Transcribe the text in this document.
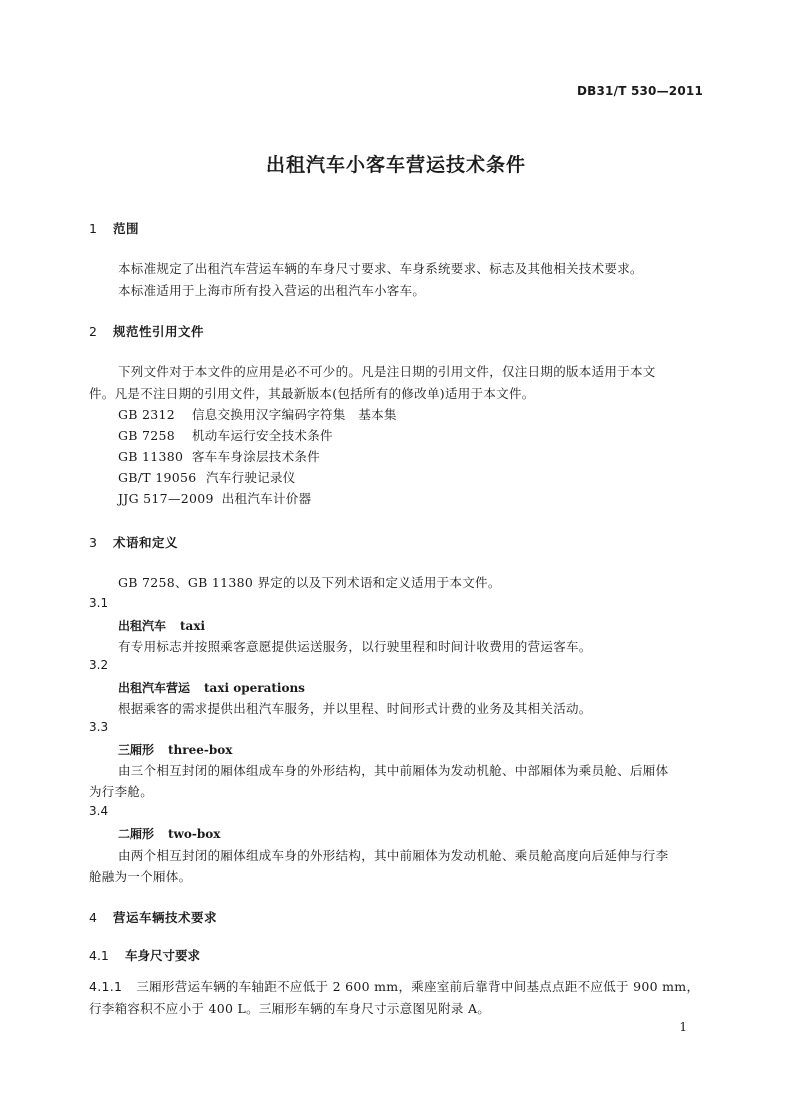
DB31/T 530—2011
出租汽车小客车营运技术条件
1 范围
本标准规定了出租汽车营运车辆的车身尺寸要求、车身系统要求、标志及其他相关技术要求。
本标准适用于上海市所有投入营运的出租汽车小客车。
2 规范性引用文件
下列文件对于本文件的应用是必不可少的。凡是注日期的引用文件，仅注日期的版本适用于本文
件。凡是不注日期的引用文件，其最新版本(包括所有的修改单)适用于本文件。
GB 2312 信息交换用汉字编码字符集　基本集
GB 7258 机动车运行安全技术条件
GB 11380 客车车身涂层技术条件
GB/T 19056 汽车行驶记录仪
JJG 517—2009 出租汽车计价器
3 术语和定义
GB 7258、GB 11380 界定的以及下列术语和定义适用于本文件。
3.1
出租汽车 taxi
有专用标志并按照乘客意愿提供运送服务，以行驶里程和时间计收费用的营运客车。
3.2
出租汽车营运 taxi operations
根据乘客的需求提供出租汽车服务，并以里程、时间形式计费的业务及其相关活动。
3.3
三厢形 three-box
由三个相互封闭的厢体组成车身的外形结构，其中前厢体为发动机舱、中部厢体为乘员舱、后厢体
为行李舱。
3.4
二厢形 two-box
由两个相互封闭的厢体组成车身的外形结构，其中前厢体为发动机舱、乘员舱高度向后延伸与行李
舱融为一个厢体。
4 营运车辆技术要求
4.1 车身尺寸要求
4.1.1 三厢形营运车辆的车轴距不应低于 2 600 mm，乘座室前后靠背中间基点点距不应低于 900 mm，
行李箱容积不应小于 400 L。三厢形车辆的车身尺寸示意图见附录 A。
1
